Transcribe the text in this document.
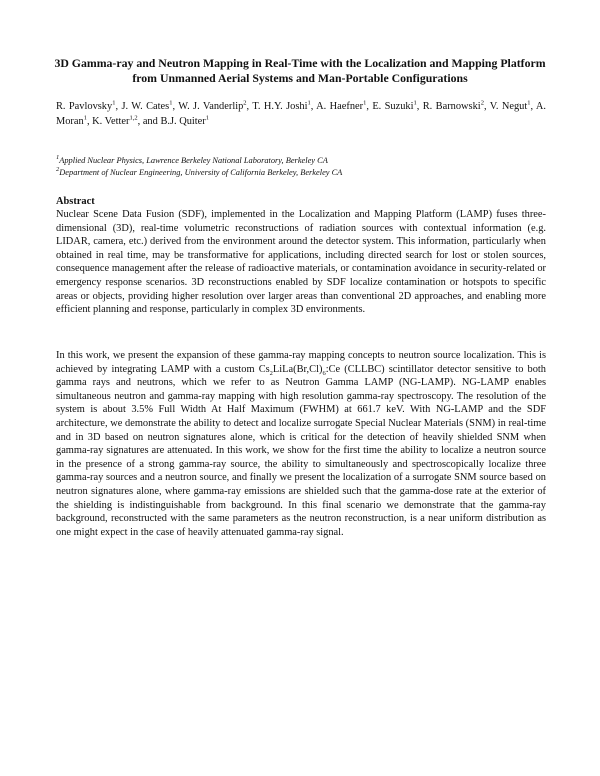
3D Gamma-ray and Neutron Mapping in Real-Time with the Localization and Mapping Platform from Unmanned Aerial Systems and Man-Portable Configurations

R. Pavlovsky$^1$, J. W. Cates$^1$, W. J. Vanderlip$^2$, T. H.Y. Joshi$^1$, A. Haefner$^1$, E. Suzuki$^1$, R. Barnowski$^2$, V. Negut$^1$, A. Moran$^1$, K. Vetter$^{1,2}$, and B.J. Quiter$^1$

$^1$Applied Nuclear Physics, Lawrence Berkeley National Laboratory, Berkeley CA

$^2$Department of Nuclear Engineering, University of California Berkeley, Berkeley CA

Abstract

Nuclear Scene Data Fusion (SDF), implemented in the Localization and Mapping Platform (LAMP) fuses three-dimensional (3D), real-time volumetric reconstructions of radiation sources with contextual information (e.g. LIDAR, camera, etc.) derived from the environment around the detector system. This information, particularly when obtained in real time, may be transformative for applications, including directed search for lost or stolen sources, consequence management after the release of radioactive materials, or contamination avoidance in security-related or emergency response scenarios. 3D reconstructions enabled by SDF localize contamination or hotspots to specific areas or objects, providing higher resolution over larger areas than conventional 2D approaches, and enabling more efficient planning and response, particularly in complex 3D environments.

In this work, we present the expansion of these gamma-ray mapping concepts to neutron source localization. This is achieved by integrating LAMP with a custom $Cs_2LiLa(Br,Cl)_6:Ce$ (CLLBC) scintillator detector sensitive to both gamma rays and neutrons, which we refer to as Neutron Gamma LAMP (NG-LAMP). NG-LAMP enables simultaneous neutron and gamma-ray mapping with high resolution gamma-ray spectroscopy. The resolution of the system is about 3.5% Full Width At Half Maximum (FWHM) at 661.7 keV. With NG-LAMP and the SDF architecture, we demonstrate the ability to detect and localize surrogate Special Nuclear Materials (SNM) in real-time and in 3D based on neutron signatures alone, which is critical for the detection of heavily shielded SNM when gamma-ray signatures are attenuated. In this work, we show for the first time the ability to localize a neutron source in the presence of a strong gamma-ray source, the ability to simultaneously and spectroscopically localize three gamma-ray sources and a neutron source, and finally we present the localization of a surrogate SNM source based on neutron signatures alone, where gamma-ray emissions are shielded such that the gamma-dose rate at the exterior of the shielding is indistinguishable from background. In this final scenario we demonstrate that the gamma-ray background, reconstructed with the same parameters as the neutron reconstruction, is a near uniform distribution as one might expect in the case of heavily attenuated gamma-ray signal.
